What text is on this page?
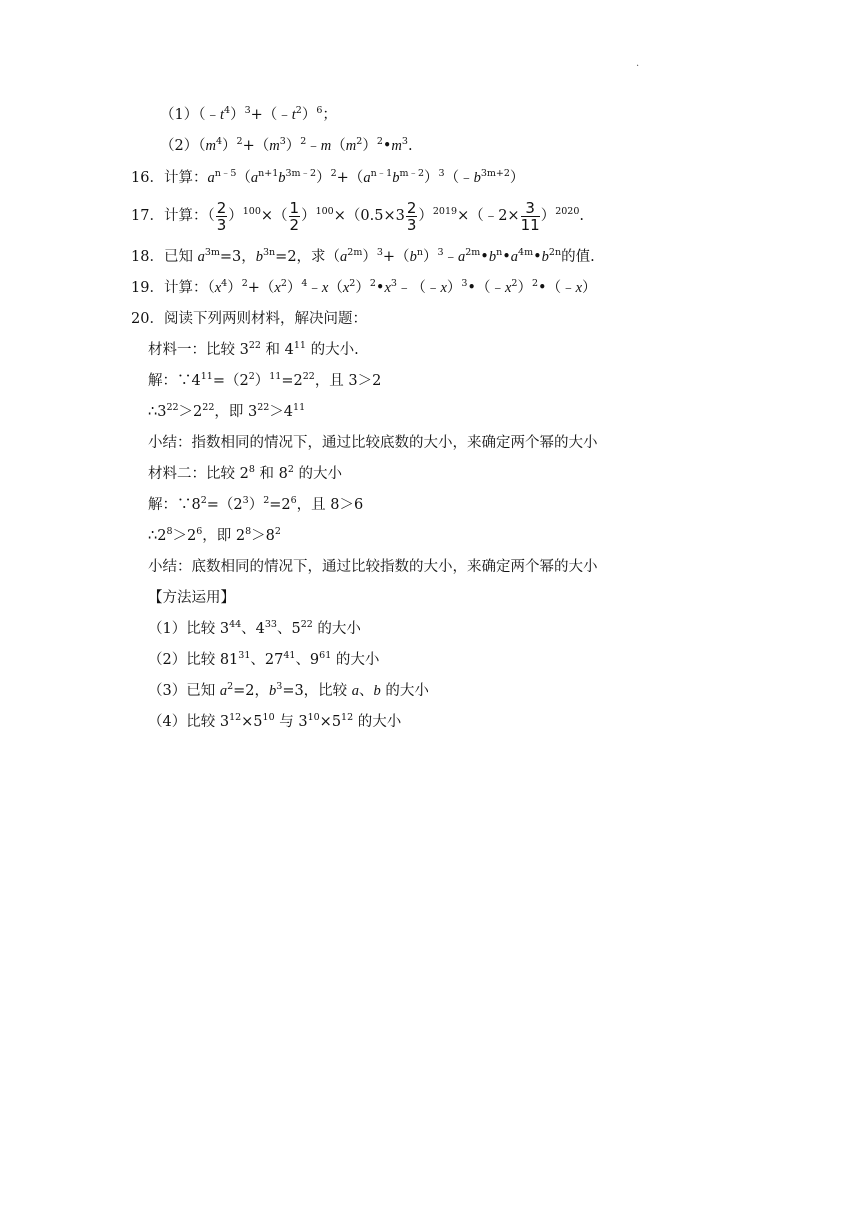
.
$(1)(﹣t^4)^3+(﹣t^2)^6$；
$(2)(m^4)^2+(m^3)^2﹣m(m^2)^2•m^3$.
16．计算：$a^{n﹣5}(a^{n+1}b^{3m﹣2})^2+(a^{n﹣1}b^{m﹣2})^3(﹣b^{3m+2})$
17．计算：（ $\frac{2}{3} )^{100}\times( \frac{1}{2} )^{100}\times(0.5\times 3 \frac{2}{3}$ ）$^{2019}\times(﹣2\times \frac{3}{11} )^{2020}$.
18．已知 $a^{3m}=3$，$b^{3n}=2$，求$(a^{2m})^3+(b^n)^3﹣a^{2m}•b^n•a^{4m}•b^{2n}$的值.
19．计算：$(x^4)^2+(x^2)^4﹣x(x^2)^2•x^3﹣(﹣x)^3•(﹣x^2)^2•(﹣x)$
20．阅读下列两则材料，解决问题：
材料一：比较 $3^{22}$ 和 $4^{11}$ 的大小.
解：$\because 4^{11}=(2^2)^{11}=2^{22}$，且 3＞2
$\therefore 3^{22}>2^{22}$，即 $3^{22}>4^{11}$
小结：指数相同的情况下，通过比较底数的大小，来确定两个幂的大小
材料二：比较 $2^8$ 和 $8^2$ 的大小
解：$\because 8^2=(2^3)^2=2^6$，且 8＞6
$\therefore 2^8>2^6$，即 $2^8>8^2$
小结：底数相同的情况下，通过比较指数的大小，来确定两个幂的大小
【方法运用】
（1）比较 $3^{44}$、$4^{33}$、$5^{22}$ 的大小
（2）比较 $81^{31}$、$27^{41}$、$9^{61}$ 的大小
（3）已知 $a^2=2$，$b^3=3$，比较 a、b 的大小
（4）比较 $3^{12}\times 5^{10}$ 与 $3^{10}\times 5^{12}$ 的大小
